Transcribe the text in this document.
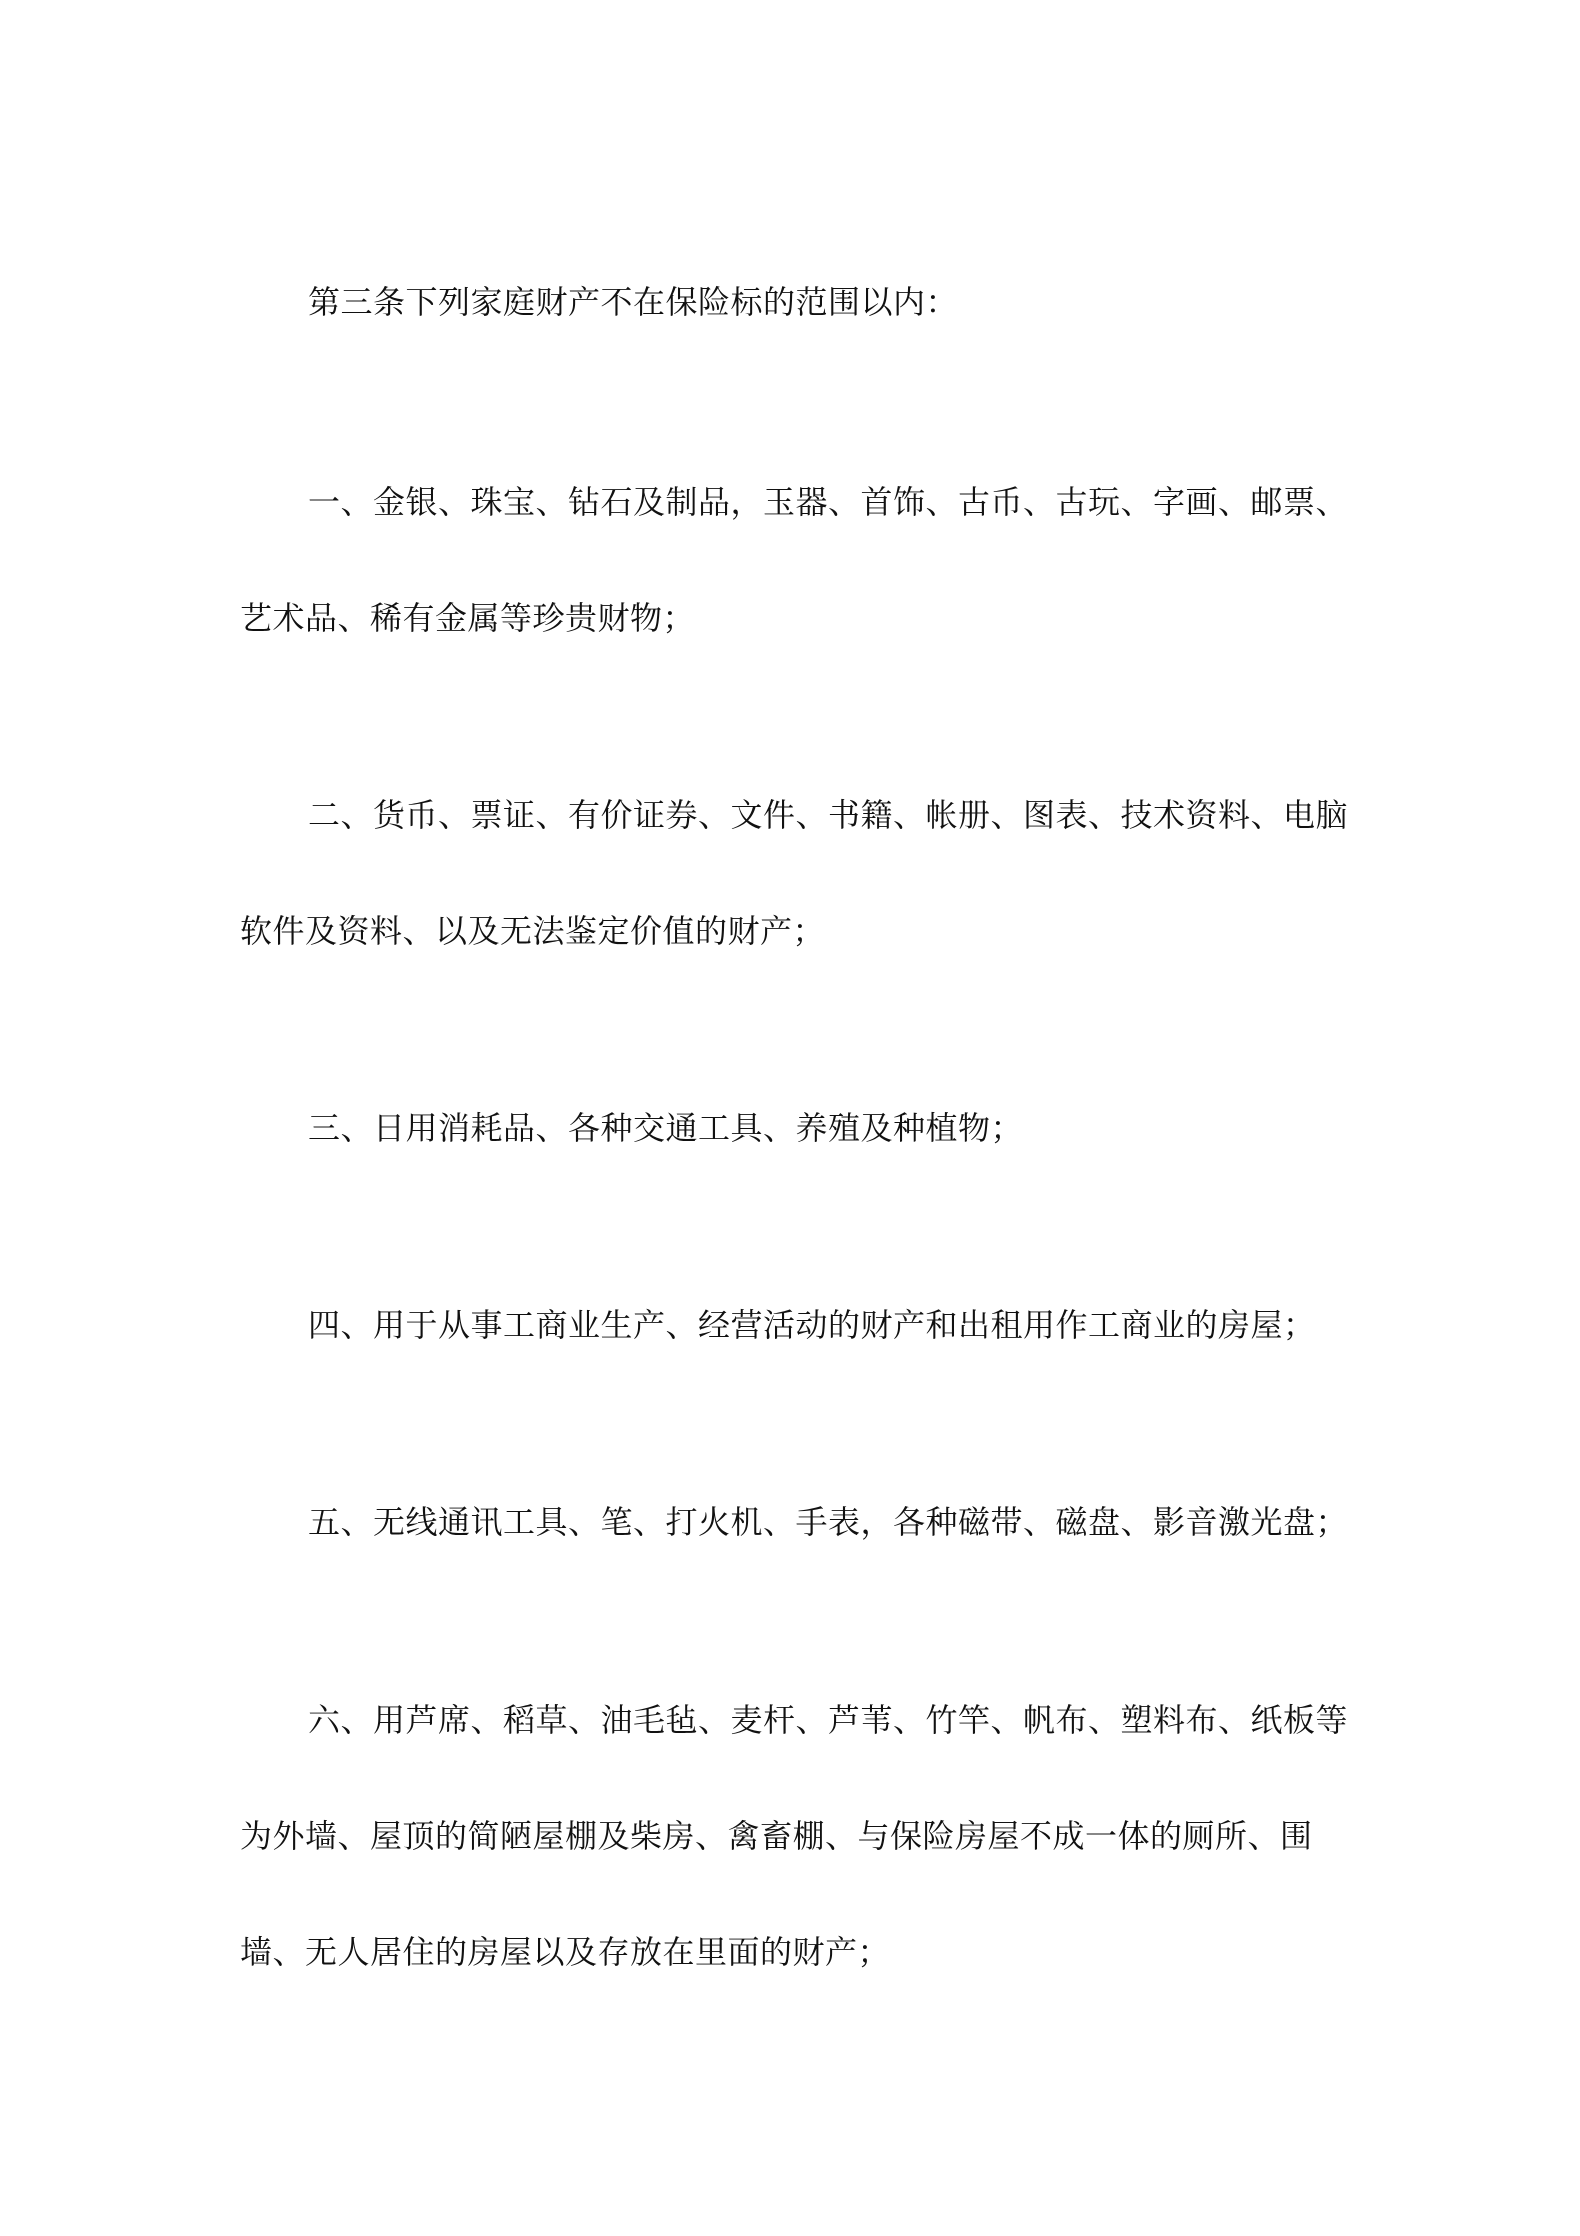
第三条下列家庭财产不在保险标的范围以内：

一、金银、珠宝、钻石及制品，玉器、首饰、古币、古玩、字画、邮票、
艺术品、稀有金属等珍贵财物；

二、货币、票证、有价证券、文件、书籍、帐册、图表、技术资料、电脑
软件及资料、以及无法鉴定价值的财产；

三、日用消耗品、各种交通工具、养殖及种植物；

四、用于从事工商业生产、经营活动的财产和出租用作工商业的房屋；

五、无线通讯工具、笔、打火机、手表，各种磁带、磁盘、影音激光盘；

六、用芦席、稻草、油毛毡、麦杆、芦苇、竹竿、帆布、塑料布、纸板等
为外墙、屋顶的简陋屋棚及柴房、禽畜棚、与保险房屋不成一体的厕所、围
墙、无人居住的房屋以及存放在里面的财产；
